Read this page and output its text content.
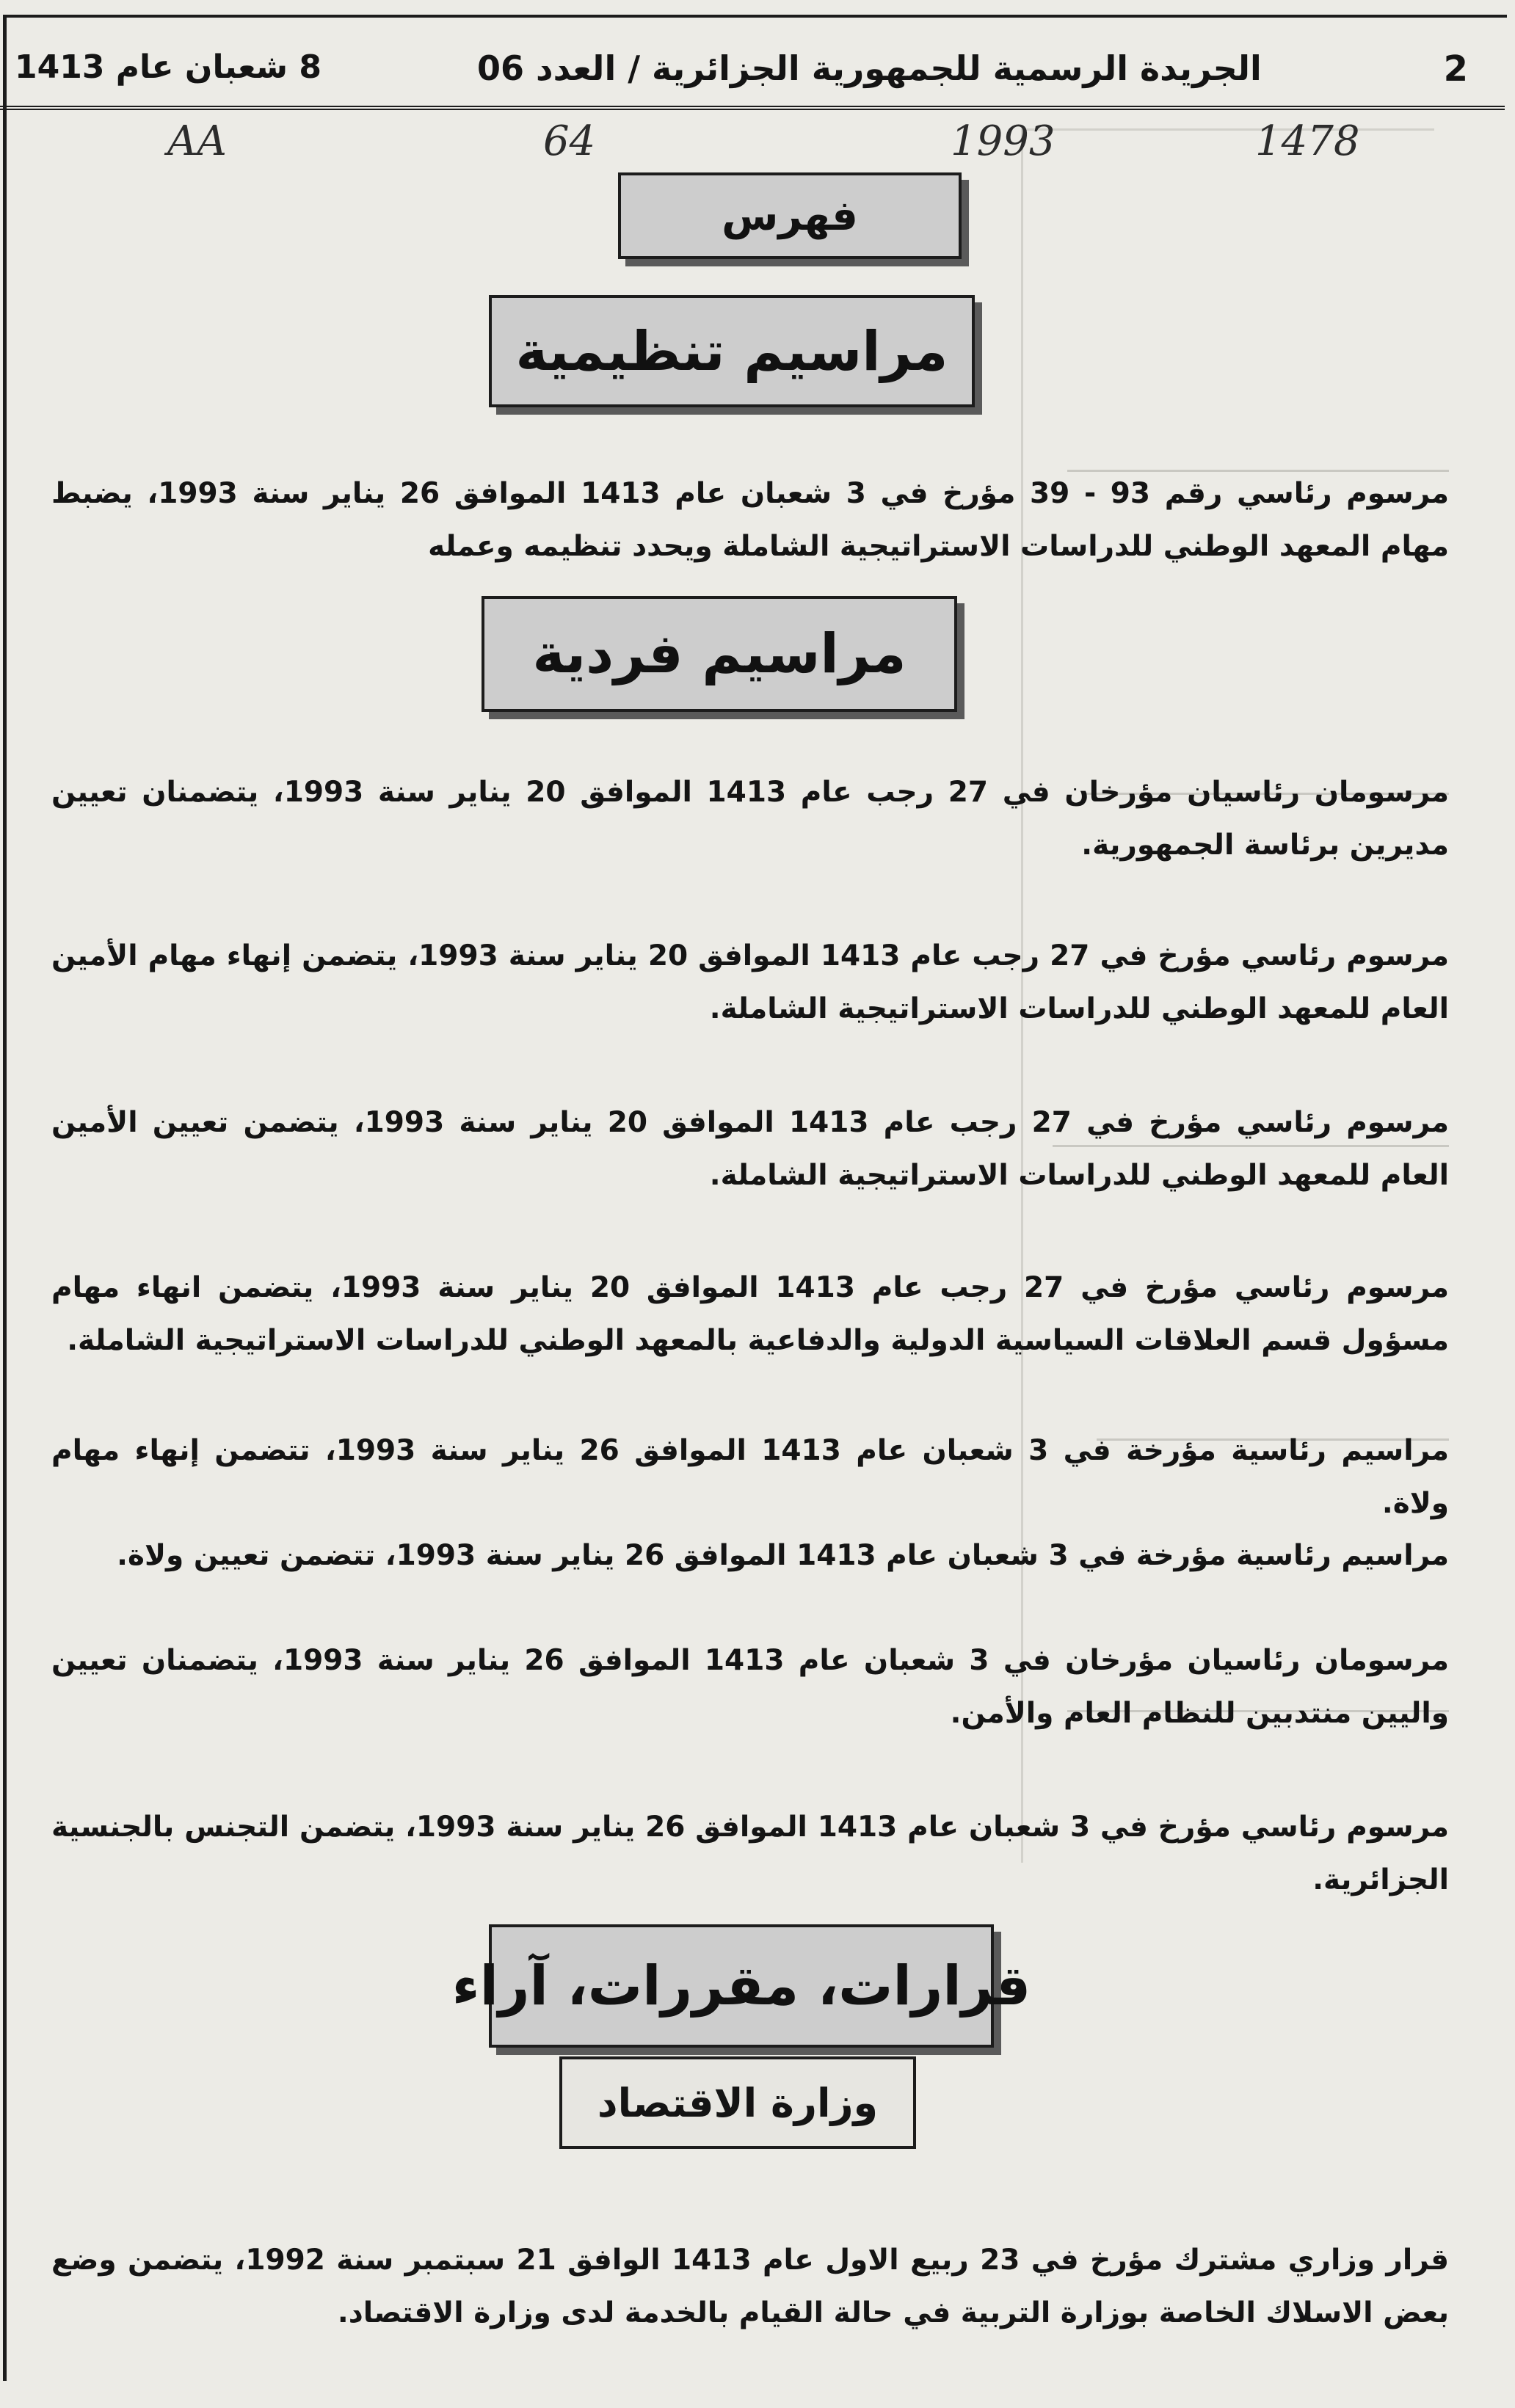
2
الجريدة الرسمية للجمهورية الجزائرية / العدد 06
8 شعبان عام 1413
AA	64	1993	1478
فهرس
مراسيم تنظيمية

مرسوم رئاسي رقم 93 - 39 مؤرخ في 3 شعبان عام 1413 الموافق 26 يناير سنة 1993، يضبط مهام المعهد الوطني للدراسات الاستراتيجية الشاملة ويحدد تنظيمه وعمله

مراسيم فردية

مرسومان رئاسيان مؤرخان في 27 رجب عام 1413 الموافق 20 يناير سنة 1993، يتضمنان تعيين مديرين برئاسة الجمهورية.

مرسوم رئاسي مؤرخ في 27 رجب عام 1413 الموافق 20 يناير سنة 1993، يتضمن إنهاء مهام الأمين العام للمعهد الوطني للدراسات الاستراتيجية الشاملة.

مرسوم رئاسي مؤرخ في 27 رجب عام 1413 الموافق 20 يناير سنة 1993، يتضمن تعيين الأمين العام للمعهد الوطني للدراسات الاستراتيجية الشاملة.

مرسوم رئاسي مؤرخ في 27 رجب عام 1413 الموافق 20 يناير سنة 1993، يتضمن انهاء مهام مسؤول قسم العلاقات السياسية الدولية والدفاعية بالمعهد الوطني للدراسات الاستراتيجية الشاملة.

مراسيم رئاسية مؤرخة في 3 شعبان عام 1413 الموافق 26 يناير سنة 1993، تتضمن إنهاء مهام ولاة.

مراسيم رئاسية مؤرخة في 3 شعبان عام 1413 الموافق 26 يناير سنة 1993، تتضمن تعيين ولاة.

مرسومان رئاسيان مؤرخان في 3 شعبان عام 1413 الموافق 26 يناير سنة 1993، يتضمنان تعيين واليين منتدبين للنظام العام والأمن.

مرسوم رئاسي مؤرخ في 3 شعبان عام 1413 الموافق 26 يناير سنة 1993، يتضمن التجنس بالجنسية الجزائرية.

قرارات، مقررات، آراء
وزارة الاقتصاد

قرار وزاري مشترك مؤرخ في 23 ربيع الاول عام 1413 الوافق 21 سبتمبر سنة 1992، يتضمن وضع بعض الاسلاك الخاصة بوزارة التربية في حالة القيام بالخدمة لدى وزارة الاقتصاد.
